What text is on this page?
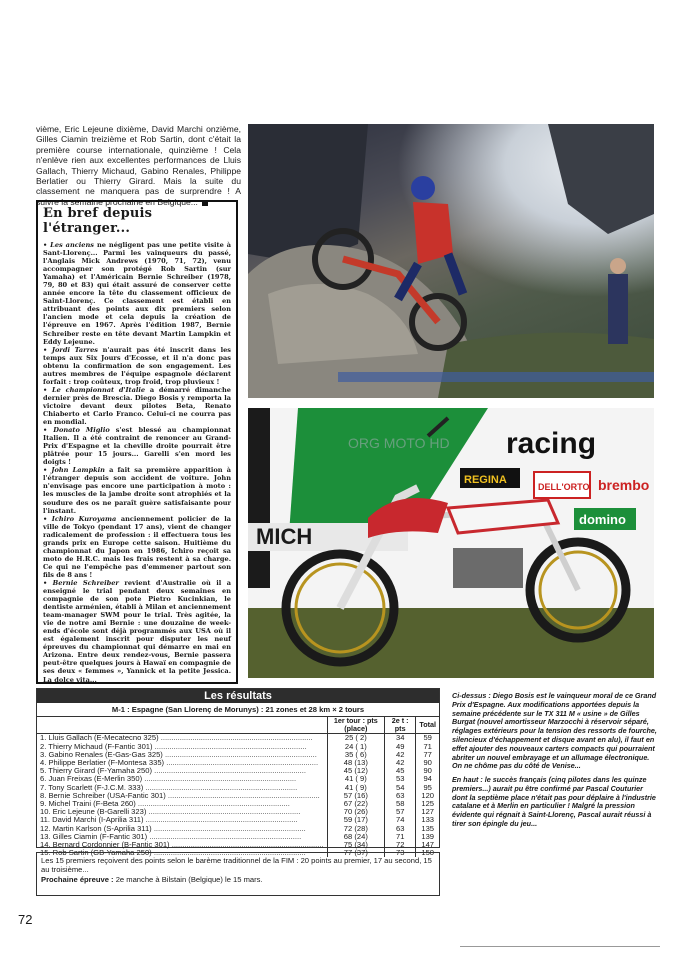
vième, Eric Lejeune dixième, David Marchi onzième, Gilles Ciamin treizième et Rob Sartin, dont c'était la première course internationale, quinzième ! Cela n'enlève rien aux excellentes performances de Lluis Gallach, Thierry Michaud, Gabino Renales, Philippe Berlatier ou Thierry Girard. Mais la suite du classement ne manquera pas de surprendre ! A suivre la semaine prochaine en Belgique...
En bref depuis l'étranger...

• Les anciens ne négligent pas une petite visite à Sant-Llorenç... Parmi les vainqueurs du passé, l'Anglais Mick Andrews (1970, 71, 72), venu accompagner son protégé Rob Sartin (sur Yamaha) et l'Américain Bernie Schreiber (1978, 79, 80 et 83) qui était assuré de conserver cette année encore la tête du classement officieux de Saint-Llorenç. Ce classement est établi en attribuant des points aux dix premiers selon l'ancien mode et cela depuis la création de l'épreuve en 1967. Après l'édition 1987, Bernie Schreiber reste en tête devant Martin Lampkin et Eddy Lejeune.

• Jordi Tarres n'aurait pas été inscrit dans les temps aux Six Jours d'Ecosse, et il n'a donc pas obtenu la confirmation de son engagement. Les autres membres de l'équipe espagnole déclarent forfait : trop coûteux, trop froid, trop pluvieux !

• Le championnat d'Italie a démarré dimanche dernier près de Brescia. Diego Bosis y remporta la victoire devant deux pilotes Beta, Renato Chiaberto et Carlo Franco. Celui-ci ne courra pas en mondial.

• Donato Miglio s'est blessé au championnat Italien. Il a été contraint de renoncer au Grand-Prix d'Espagne et la cheville droite pourrait être plâtrée pour 15 jours... Garelli s'en mord les doigts !

• John Lampkin a fait sa première apparition à l'étranger depuis son accident de voiture. John n'envisage pas encore une participation à moto : les muscles de la jambe droite sont atrophiés et la soudure des os ne paraît guère satisfaisante pour l'instant.

• Ichiro Kuroyama anciennement policier de la ville de Tokyo (pendant 17 ans), vient de changer radicalement de profession : il effectuera tous les grands prix en Europe cette saison. Huitième du championnat du Japon en 1986, Ichiro reçoit sa moto de H.R.C. mais les frais restent à sa charge. Ce qui ne l'empêche pas d'emmener partout son fils de 8 ans !

• Bernie Schreiber revient d'Australie où il a enseigné le trial pendant deux semaines en compagnie de son pote Pietro Kucinkian, le dentiste arménien, établi à Milan et anciennement team-manager SWM pour le trial. Très agitée, la vie de notre ami Bernie : une douzaine de week-ends d'école sont déjà programmés aux USA où il est également inscrit pour disputer les neuf épreuves du championnat qui démarre en mai en Arizona. Entre deux rendez-vous, Bernie passera peut-être quelques jours à Hawaï en compagnie de ses deux « femmes », Yannick et la petite Jessica. La dolce vita...

MICH
racing
REGINA
DELL'ORTO brembo
domino
ORG MOTO HD
Les résultats
M-1 : Espagne (San Llorenç de Morunys) : 21 zones et 28 km × 2 tours
	1er tour : pts (place)	2e t : pts	Total
1. Lluis Gallach (E-Mecatecno 325) .....	25 ( 2)	34	59
2. Thierry Michaud (F-Fantic 301) .....	24 ( 1)	49	71
3. Gabino Renales (E-Gas-Gas 325) .....	35 ( 6)	42	77
4. Philippe Berlatier (F-Montesa 335) .....	48 (13)	42	90
5. Thierry Girard (F-Yamaha 250) .....	45 (12)	45	90
6. Juan Freixas (E-Merlin 350) .....	41 ( 9)	53	94
7. Tony Scarlett (F-J.C.M. 333) .....	41 ( 9)	54	95
8. Bernie Schreiber (USA-Fantic 301) .....	57 (16)	63	120
9. Michel Traini (F-Beta 260) .....	67 (22)	58	125
10. Eric Lejeune (B-Garelli 323) .....	70 (26)	57	127
11. David Marchi (I-Aprilia 311) .....	59 (17)	74	133
12. Martin Karlson (S-Aprilia 311) .....	72 (28)	63	135
13. Gilles Ciamin (F-Fantic 301) .....	68 (24)	71	139
14. Bernard Cordonnier (B-Fantic 301) .....	75 (34)	72	147
15. Rob Sartin (GB-Yamaha 250) .....	77 (37)	73	150
Les 15 premiers reçoivent des points selon le barème traditionnel de la FIM : 20 points au premier, 17 au second, 15 au troisième...
Prochaine épreuve : 2e manche à Bilstain (Belgique) le 15 mars.
Ci-dessus : Diego Bosis est le vainqueur moral de ce Grand Prix d'Espagne. Aux modifications apportées depuis la semaine précédente sur le TX 311 M « usine » de Gilles Burgat (nouvel amortisseur Marzocchi à réservoir séparé, réglages extérieurs pour la tension des ressorts de fourche, silencieux d'échappement et disque avant en alu), il faut en effet ajouter des nouveaux carters compacts qui pourraient abriter un nouvel embrayage et un allumage électronique. On ne chôme pas du côté de Venise...
En haut : le succès français (cinq pilotes dans les quinze premiers...) aurait pu être confirmé par Pascal Couturier dont la septième place n'était pas pour déplaire à l'industrie catalane et à Merlin en particulier ! Malgré la pression évidente qui régnait à Saint-Llorenç, Pascal aurait réussi à tirer son épingle du jeu...
72
